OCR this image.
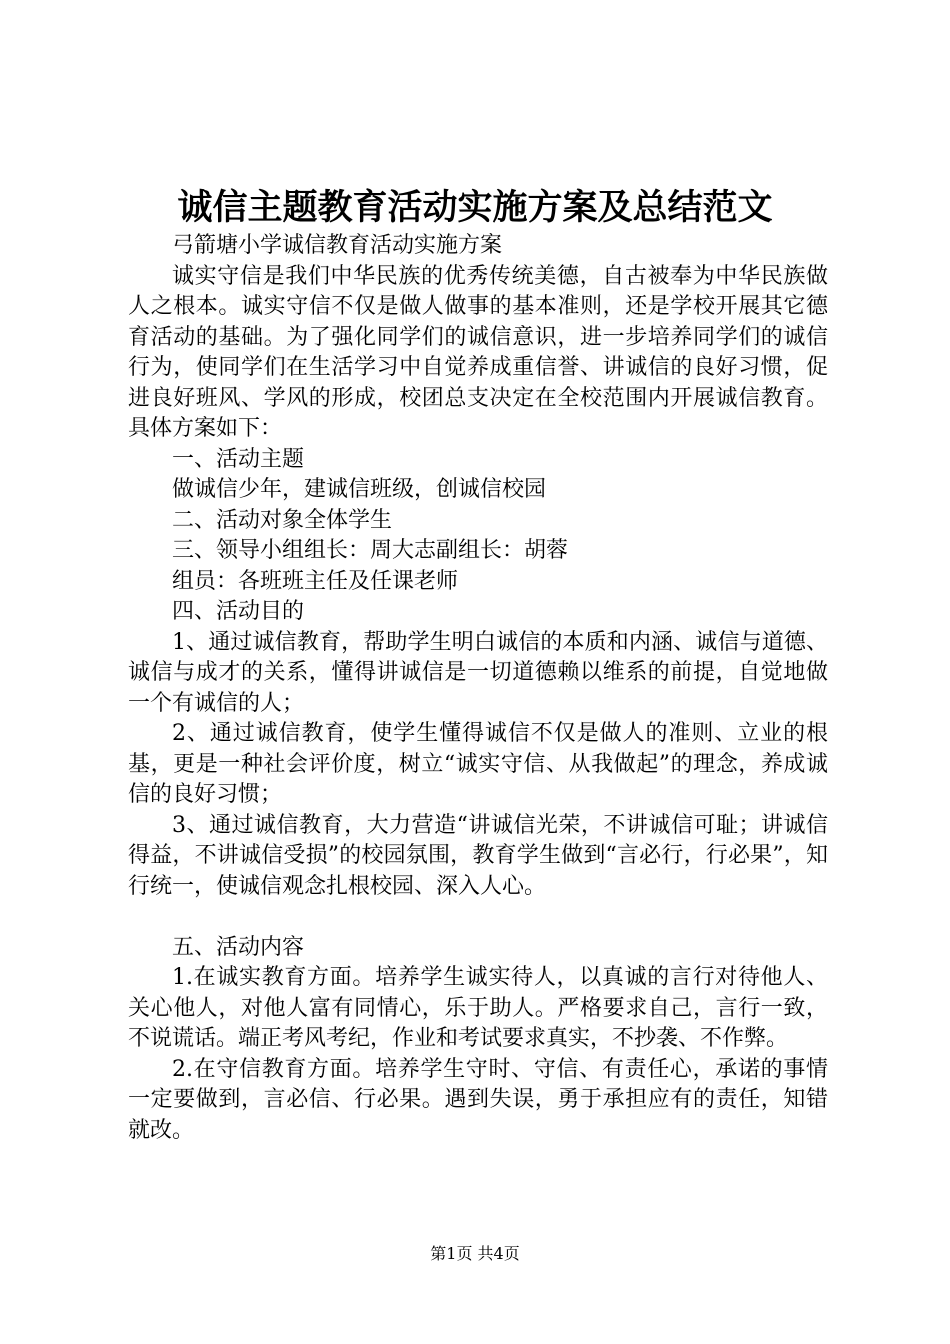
诚信主题教育活动实施方案及总结范文

弓箭塘小学诚信教育活动实施方案

诚实守信是我们中华民族的优秀传统美德，自古被奉为中华民族做人之根本。诚实守信不仅是做人做事的基本准则，还是学校开展其它德育活动的基础。为了强化同学们的诚信意识，进一步培养同学们的诚信行为，使同学们在生活学习中自觉养成重信誉、讲诚信的良好习惯，促进良好班风、学风的形成，校团总支决定在全校范围内开展诚信教育。具体方案如下：

一、活动主题

做诚信少年，建诚信班级，创诚信校园

二、活动对象全体学生

三、领导小组组长：周大志副组长：胡蓉

组员：各班班主任及任课老师

四、活动目的

1、通过诚信教育，帮助学生明白诚信的本质和内涵、诚信与道德、诚信与成才的关系，懂得讲诚信是一切道德赖以维系的前提，自觉地做一个有诚信的人；

2、通过诚信教育，使学生懂得诚信不仅是做人的准则、立业的根基，更是一种社会评价度，树立“诚实守信、从我做起”的理念，养成诚信的良好习惯；

3、通过诚信教育，大力营造“讲诚信光荣，不讲诚信可耻；讲诚信得益，不讲诚信受损”的校园氛围，教育学生做到“言必行，行必果”，知行统一，使诚信观念扎根校园、深入人心。

五、活动内容

1.在诚实教育方面。培养学生诚实待人，以真诚的言行对待他人、关心他人，对他人富有同情心，乐于助人。严格要求自己，言行一致，不说谎话。端正考风考纪，作业和考试要求真实，不抄袭、不作弊。

2.在守信教育方面。培养学生守时、守信、有责任心，承诺的事情一定要做到，言必信、行必果。遇到失误，勇于承担应有的责任，知错就改。

第1页 共4页
